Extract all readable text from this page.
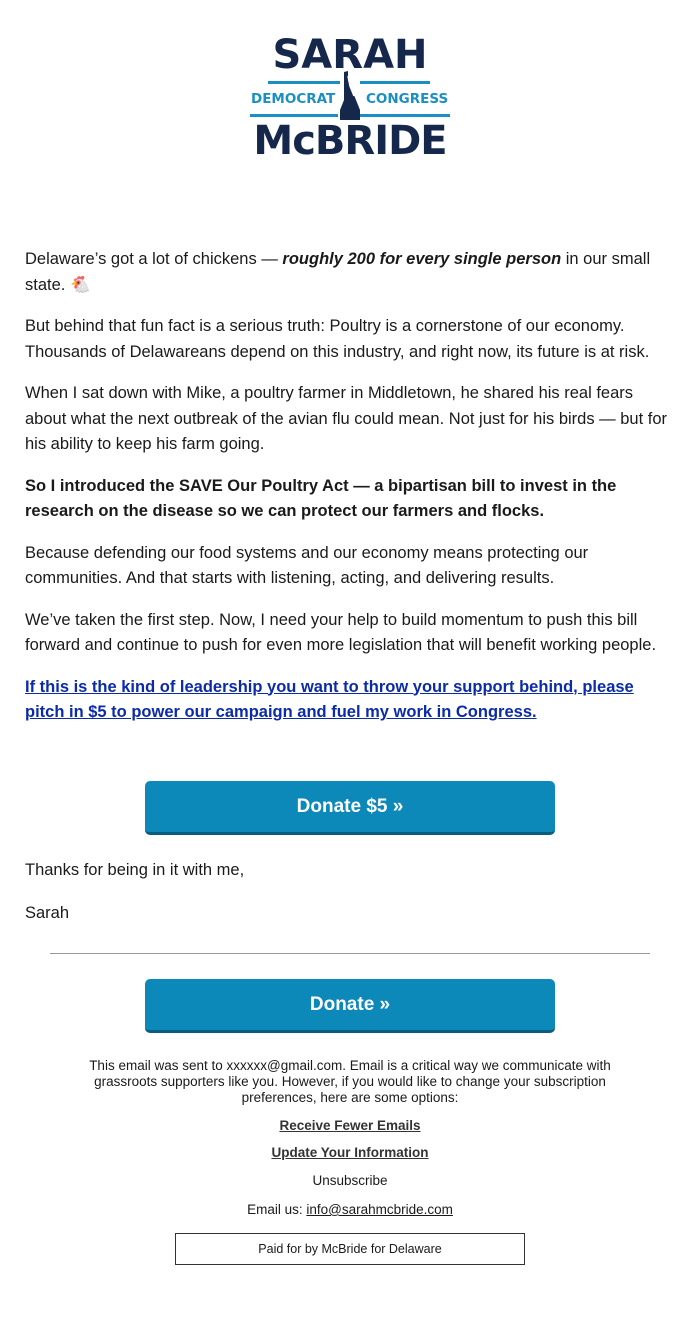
SARAH
DEMOCRAT CONGRESS
McBRIDE

Delaware’s got a lot of chickens — roughly 200 for every single person in our small state. 🐔

But behind that fun fact is a serious truth: Poultry is a cornerstone of our economy. Thousands of Delawareans depend on this industry, and right now, its future is at risk.

When I sat down with Mike, a poultry farmer in Middletown, he shared his real fears about what the next outbreak of the avian flu could mean. Not just for his birds — but for his ability to keep his farm going.

So I introduced the SAVE Our Poultry Act — a bipartisan bill to invest in the research on the disease so we can protect our farmers and flocks.

Because defending our food systems and our economy means protecting our communities. And that starts with listening, acting, and delivering results.

We’ve taken the first step. Now, I need your help to build momentum to push this bill forward and continue to push for even more legislation that will benefit working people.

If this is the kind of leadership you want to throw your support behind, please pitch in $5 to power our campaign and fuel my work in Congress.

Donate $5 »
Thanks for being in it with me,
Sarah
Donate »
This email was sent to xxxxxx@gmail.com. Email is a critical way we communicate with grassroots supporters like you. However, if you would like to change your subscription preferences, here are some options:
Receive Fewer Emails
Update Your Information
Unsubscribe
Email us: info@sarahmcbride.com
Paid for by McBride for Delaware
